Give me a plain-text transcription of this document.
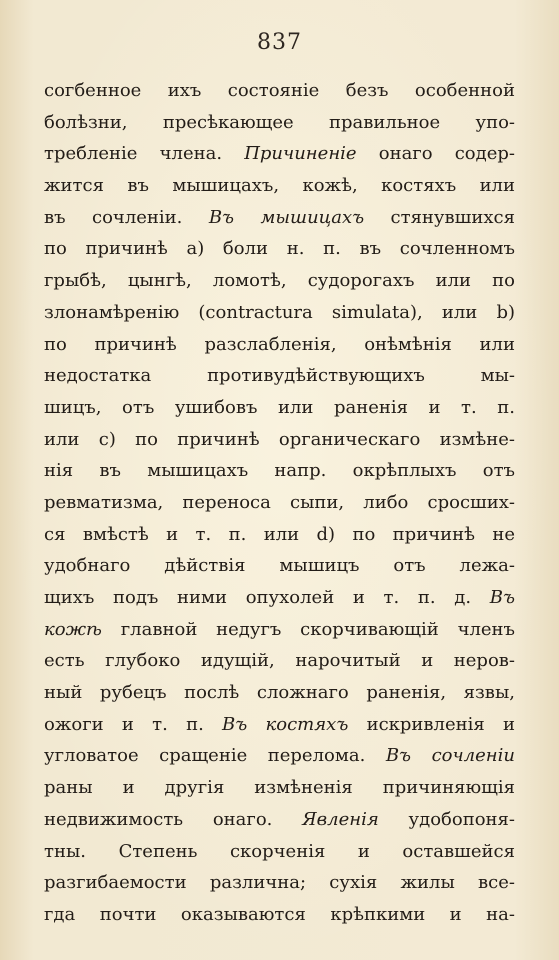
837
согбенное ихъ состояніе безъ особенной
болѣзни, пресѣкающее правильное упо-
требленіе члена. Причиненіе онаго содер-
жится въ мышицахъ, кожѣ, костяхъ или
въ сочленіи. Въ мышицахъ стянувшихся
по причинѣ a) боли н. п. въ сочленномъ
грыбѣ, цынгѣ, ломотѣ, судорогахъ или по
злонамѣренію (contractura simulata), или b)
по причинѣ разслабленія, онѣмѣнія или
недостатка противудѣйствующихъ мы-
шицъ, отъ ушибовъ или раненія и т. п.
или c) по причинѣ органическаго измѣне-
нія въ мышицахъ напр. окрѣплыхъ отъ
ревматизма, переноса сыпи, либо сросших-
ся вмѣстѣ и т. п. или d) по причинѣ не
удобнаго дѣйствія мышицъ отъ лежа-
щихъ подъ ними опухолей и т. п. д. Въ
кожѣ главной недугъ скорчивающій членъ
есть глубоко идущій, нарочитый и неров-
ный рубецъ послѣ сложнаго раненія, язвы,
ожоги и т. п. Въ костяхъ искривленія и
угловатое сращеніе перелома. Въ сочленіи
раны и другія измѣненія причиняющія
недвижимость онаго. Явленія удобопоня-
тны. Степень скорченія и оставшейся
разгибаемости различна; сухія жилы все-
гда почти оказываются крѣпкими и на-
